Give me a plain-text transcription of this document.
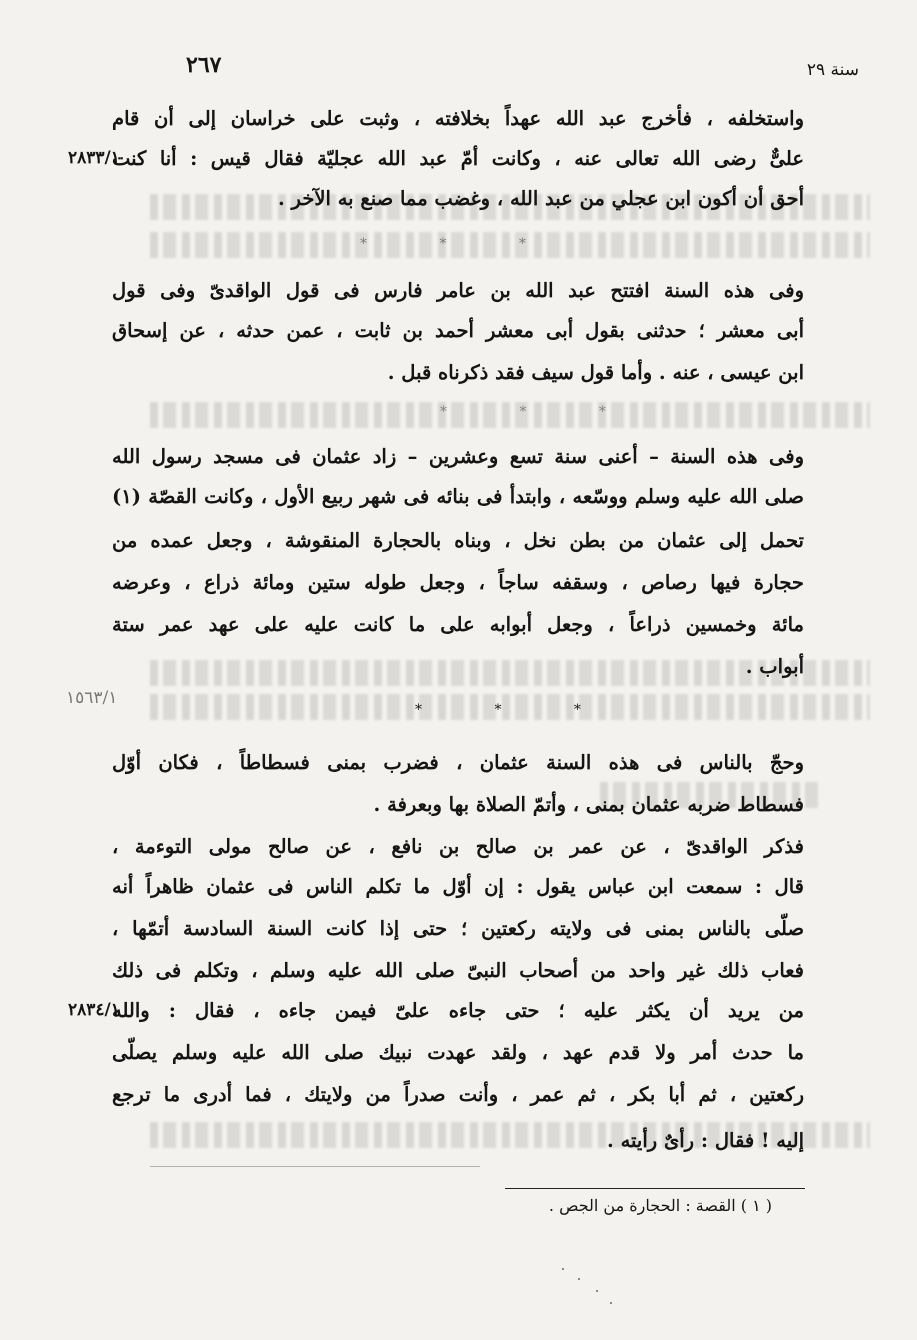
٢٦٧	سنة ٢٩
واستخلفه ، فأخرج عبد الله عهداً بخلافته ، وثبت على خراسان إلى أن قام
علىٌّ رضى الله تعالى عنه ، وكانت أمّ عبد الله عجليّة فقال قيس : أنا كنت
أحق أن أكون ابن عجلي من عبد الله ، وغضب مما صنع به الآخر .
* * *
وفى هذه السنة افتتح عبد الله بن عامر فارس فى قول الواقدىّ وفى قول
أبى معشر ؛ حدثنى بقول أبى معشر أحمد بن ثابت ، عمن حدثه ، عن إسحاق
ابن عيسى ، عنه . وأما قول سيف فقد ذكرناه قبل .
* * *
وفى هذه السنة – أعنى سنة تسع وعشرين – زاد عثمان فى مسجد رسول الله
صلى الله عليه وسلم ووسّعه ، وابتدأ فى بنائه فى شهر ربيع الأول ، وكانت القصّة (١)
تحمل إلى عثمان من بطن نخل ، وبناه بالحجارة المنقوشة ، وجعل عمده من
حجارة فيها رصاص ، وسقفه ساجاً ، وجعل طوله ستين ومائة ذراع ، وعرضه
مائة وخمسين ذراعاً ، وجعل أبوابه على ما كانت عليه على عهد عمر ستة
أبواب .
* * *
وحجّ بالناس فى هذه السنة عثمان ، فضرب بمنى فسطاطاً ، فكان أوّل
فسطاط ضربه عثمان بمنى ، وأتمّ الصلاة بها وبعرفة .
فذكر الواقدىّ ، عن عمر بن صالح بن نافع ، عن صالح مولى التوءمة ،
قال : سمعت ابن عباس يقول : إن أوّل ما تكلم الناس فى عثمان ظاهراً أنه
صلّى بالناس بمنى فى ولايته ركعتين ؛ حتى إذا كانت السنة السادسة أتمّها ،
فعاب ذلك غير واحد من أصحاب النبىّ صلى الله عليه وسلم ، وتكلم فى ذلك
من يريد أن يكثر عليه ؛ حتى جاءه علىّ فيمن جاءه ، فقال : والله
ما حدث أمر ولا قدم عهد ، ولقد عهدت نبيك صلى الله عليه وسلم يصلّى
ركعتين ، ثم أبا بكر ، ثم عمر ، وأنت صدراً من ولايتك ، فما أدرى ما ترجع
إليه ! فقال : رأىٌ رأيته .
٢٨٣٣/١
١٥٦٣/١
٢٨٣٤/١
( ١ ) القصة : الحجارة من الجص .
